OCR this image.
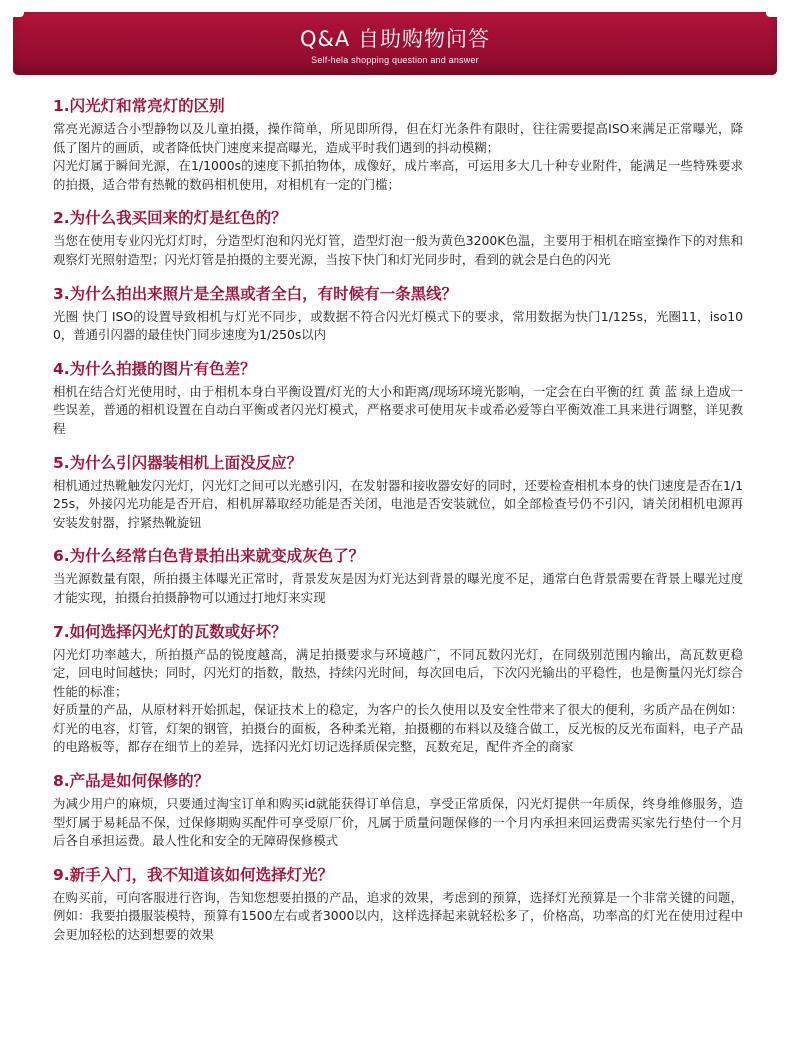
Q&A 自助购物问答
Self-hela shopping question and answer
1.闪光灯和常亮灯的区别

常亮光源适合小型静物以及儿童拍摄，操作简单，所见即所得，但在灯光条件有限时，往往需要提高ISO来满足正常曝光，降低了图片的画质，或者降低快门速度来提高曝光，造成平时我们遇到的抖动模糊；

闪光灯属于瞬间光源，在1/1000s的速度下抓拍物体，成像好，成片率高，可运用多大几十种专业附件，能满足一些特殊要求的拍摄，适合带有热靴的数码相机使用，对相机有一定的门槛；

2.为什么我买回来的灯是红色的？

当您在使用专业闪光灯灯时，分造型灯泡和闪光灯管，造型灯泡一般为黄色3200K色温，主要用于相机在暗室操作下的对焦和观察灯光照射造型；闪光灯管是拍摄的主要光源，当按下快门和灯光同步时，看到的就会是白色的闪光

3.为什么拍出来照片是全黑或者全白，有时候有一条黑线？

光圈 快门 ISO的设置导致相机与灯光不同步，或数据不符合闪光灯模式下的要求，常用数据为快门1/125s，光圈11，iso100，普通引闪器的最佳快门同步速度为1/250s以内

4.为什么拍摄的图片有色差？

相机在结合灯光使用时，由于相机本身白平衡设置/灯光的大小和距离/现场环境光影响，一定会在白平衡的红 黄 蓝 绿上造成一些误差，普通的相机设置在自动白平衡或者闪光灯模式，严格要求可使用灰卡或希必爱等白平衡效准工具来进行调整，详见教程

5.为什么引闪器装相机上面没反应？

相机通过热靴触发闪光灯，闪光灯之间可以光感引闪，在发射器和接收器安好的同时，还要检查相机本身的快门速度是否在1/125s，外接闪光功能是否开启，相机屏幕取经功能是否关闭，电池是否安装就位，如全部检查号仍不引闪，请关闭相机电源再安装发射器，拧紧热靴旋钮

6.为什么经常白色背景拍出来就变成灰色了？

当光源数量有限，所拍摄主体曝光正常时，背景发灰是因为灯光达到背景的曝光度不足，通常白色背景需要在背景上曝光过度才能实现，拍摄台拍摄静物可以通过打地灯来实现

7.如何选择闪光灯的瓦数或好坏？

闪光灯功率越大，所拍摄产品的锐度越高，满足拍摄要求与环境越广，不同瓦数闪光灯，在同级别范围内输出，高瓦数更稳定，回电时间越快；同时，闪光灯的指数，散热，持续闪光时间，每次回电后，下次闪光输出的平稳性，也是衡量闪光灯综合性能的标准；

好质量的产品，从原材料开始抓起，保证技术上的稳定，为客户的长久使用以及安全性带来了很大的便利，劣质产品在例如：灯光的电容，灯管，灯架的钢管，拍摄台的面板，各种柔光箱，拍摄棚的布料以及缝合做工，反光板的反光布面料，电子产品的电路板等，都存在细节上的差异，选择闪光灯切记选择质保完整，瓦数充足，配件齐全的商家

8.产品是如何保修的？

为减少用户的麻烦，只要通过淘宝订单和购买id就能获得订单信息，享受正常质保，闪光灯提供一年质保，终身维修服务，造型灯属于易耗品不保，过保修期购买配件可享受原厂价，凡属于质量问题保修的一个月内承担来回运费需买家先行垫付一个月后各自承担运费。最人性化和安全的无障碍保修模式

9.新手入门，我不知道该如何选择灯光？

在购买前，可向客服进行咨询，告知您想要拍摄的产品，追求的效果，考虑到的预算，选择灯光预算是一个非常关键的问题，例如：我要拍摄服装模特，预算有1500左右或者3000以内，这样选择起来就轻松多了，价格高，功率高的灯光在使用过程中会更加轻松的达到想要的效果
